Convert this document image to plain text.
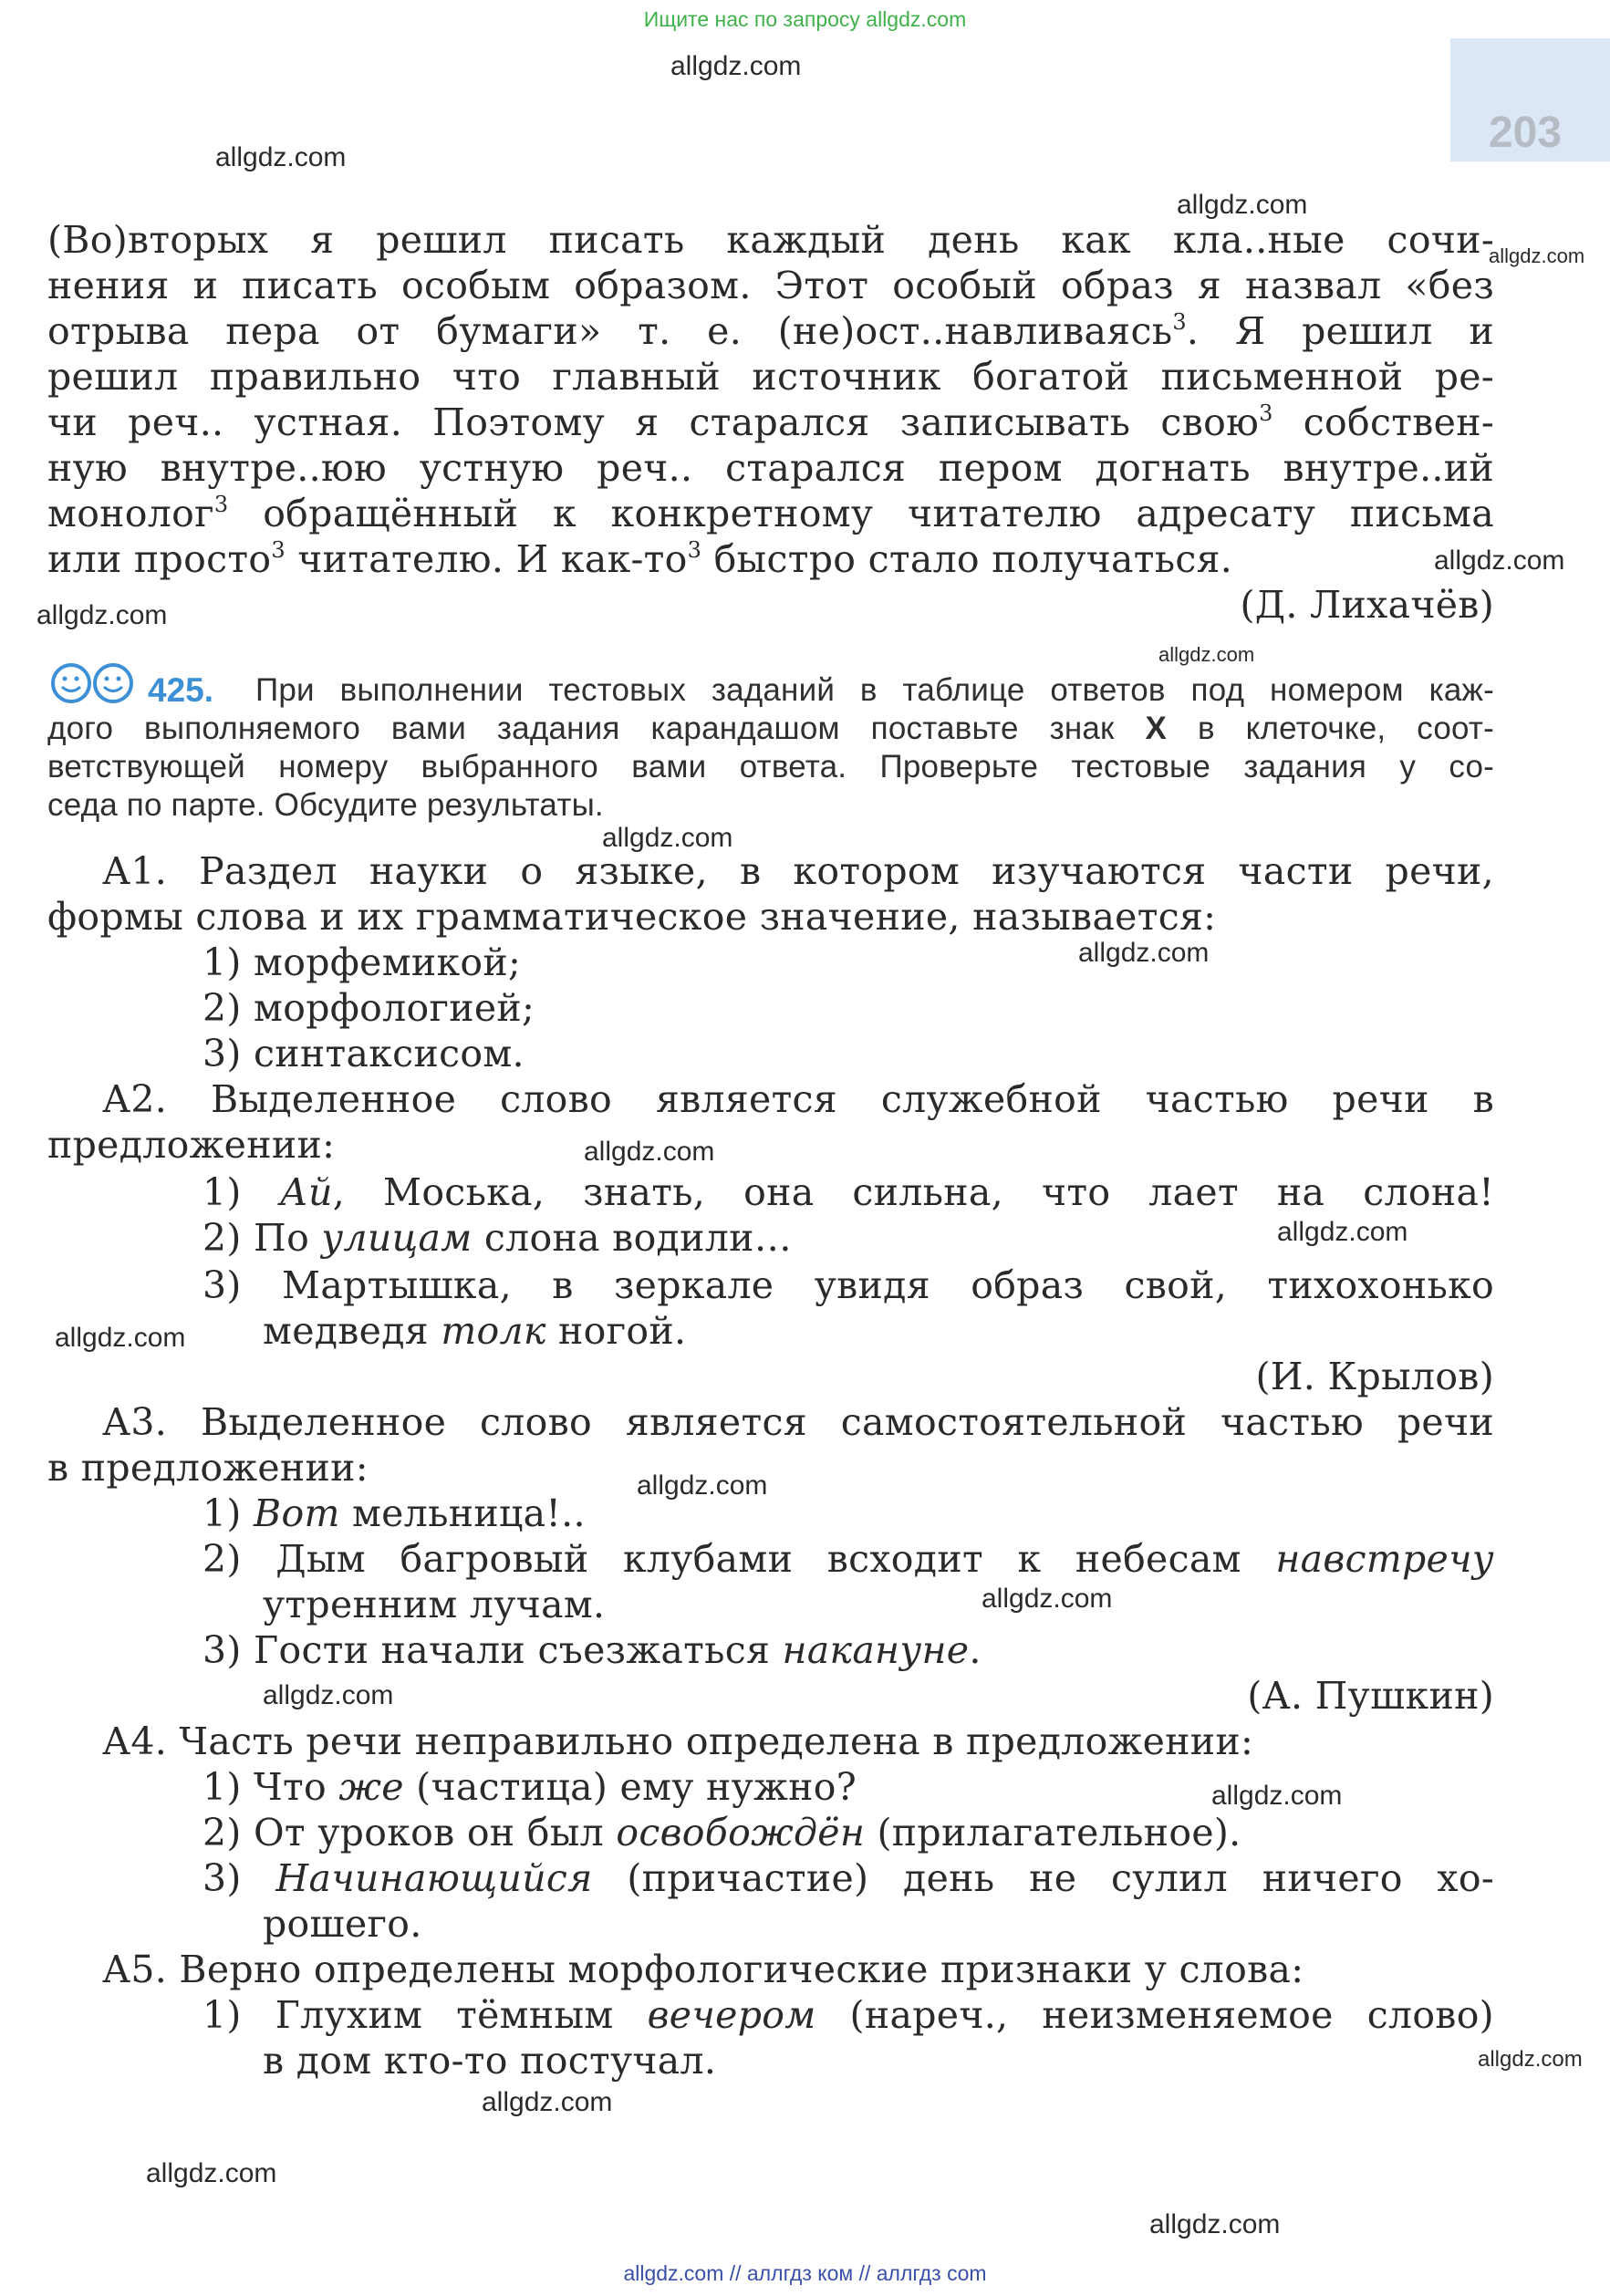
Ищите нас по запросу allgdz.com
203
(Во)вторых я решил писать каждый день как кла..ные сочи-
нения и писать особым образом. Этот особый образ я назвал «без
отрыва пера от бумаги» т. е. (не)ост..навливаясь$^3$. Я решил и
решил правильно что главный источник богатой письменной ре-
чи реч.. устная. Поэтому я старался записывать свою$^3$ собствен-
ную внутре..юю устную реч.. старался пером догнать внутре..ий
монолог$^3$ обращённый к конкретному читателю адресату письма
или просто$^3$ читателю. И как-$то^3$ быстро стало получаться.
(Д. Лихачёв)
425. При выполнении тестовых заданий в таблице ответов под номером каж-
дого выполняемого вами задания карандашом поставьте знак X в клеточке, соот-
ветствующей номеру выбранного вами ответа. Проверьте тестовые задания у со-
седа по парте. Обсудите результаты.
А1. Раздел науки о языке, в котором изучаются части речи,
формы слова и их грамматическое значение, называется:
1) морфемикой;
2) морфологией;
3) синтаксисом.
А2. Выделенное слово является служебной частью речи в
предложении:
1) Ай, Моська, знать, она сильна, что лает на слона!
2) По улицам слона водили…
3) Мартышка, в зеркале увидя образ свой, тихохонько
медведя толк ногой.
(И. Крылов)
А3. Выделенное слово является самостоятельной частью речи
в предложении:
1) Вот мельница!..
2) Дым багровый клубами всходит к небесам навстречу
утренним лучам.
3) Гости начали съезжаться накануне.
(А. Пушкин)
А4. Часть речи неправильно определена в предложении:
1) Что же (частица) ему нужно?
2) От уроков он был освобождён (прилагательное).
3) Начинающийся (причастие) день не сулил ничего хо-
рошего.
А5. Верно определены морфологические признаки у слова:
1) Глухим тёмным вечером (нареч., неизменяемое слово)
в дом кто-то постучал.
allgdz.com
allgdz.com
allgdz.com
allgdz.com
allgdz.com
allgdz.com
allgdz.com
allgdz.com
allgdz.com
allgdz.com
allgdz.com
allgdz.com
allgdz.com
allgdz.com
allgdz.com
allgdz.com
allgdz.com
allgdz.com
allgdz.com
allgdz.com
allgdz.com // аллгдз ком // аллгдз com
